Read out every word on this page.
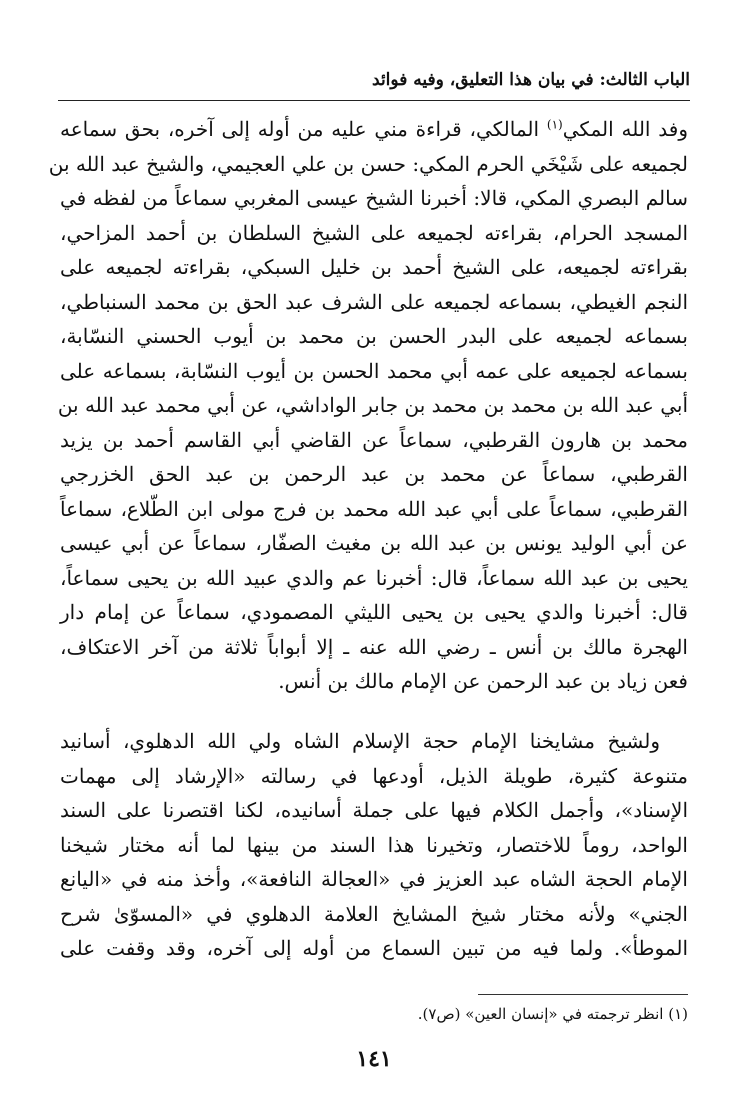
الباب الثالث: في بيان هذا التعليق، وفيه فوائد
وفد الله المكي$^{(١)}$ المالكي، قراءة مني عليه من أوله إلى آخره، بحق سماعه
لجميعه على شَيْخَي الحرم المكي: حسن بن علي العجيمي، والشيخ عبد الله بن
سالم البصري المكي، قالا: أخبرنا الشيخ عيسى المغربي سماعاً من لفظه في
المسجد الحرام، بقراءته لجميعه على الشيخ السلطان بن أحمد المزاحي،
بقراءته لجميعه، على الشيخ أحمد بن خليل السبكي، بقراءته لجميعه على
النجم الغيطي، بسماعه لجميعه على الشرف عبد الحق بن محمد السنباطي،
بسماعه لجميعه على البدر الحسن بن محمد بن أيوب الحسني النسّابة،
بسماعه لجميعه على عمه أبي محمد الحسن بن أيوب النسّابة، بسماعه على
أبي عبد الله بن محمد بن محمد بن جابر الواداشي، عن أبي محمد عبد الله بن
محمد بن هارون القرطبي، سماعاً عن القاضي أبي القاسم أحمد بن يزيد
القرطبي، سماعاً عن محمد بن عبد الرحمن بن عبد الحق الخزرجي
القرطبي، سماعاً على أبي عبد الله محمد بن فرج مولى ابن الطّلاع، سماعاً
عن أبي الوليد يونس بن عبد الله بن مغيث الصفّار، سماعاً عن أبي عيسى
يحيى بن عبد الله سماعاً، قال: أخبرنا عم والدي عبيد الله بن يحيى سماعاً،
قال: أخبرنا والدي يحيى بن يحيى الليثي المصمودي، سماعاً عن إمام دار
الهجرة مالك بن أنس ـ رضي الله عنه ـ إلا أبواباً ثلاثة من آخر الاعتكاف،
فعن زياد بن عبد الرحمن عن الإمام مالك بن أنس.
ولشيخ مشايخنا الإمام حجة الإسلام الشاه ولي الله الدهلوي، أسانيد
متنوعة كثيرة، طويلة الذيل، أودعها في رسالته «الإرشاد إلى مهمات
الإسناد»، وأجمل الكلام فيها على جملة أسانيده، لكنا اقتصرنا على السند
الواحد، روماً للاختصار، وتخيرنا هذا السند من بينها لما أنه مختار شيخنا
الإمام الحجة الشاه عبد العزيز في «العجالة النافعة»، وأخذ منه في «اليانع
الجني» ولأنه مختار شيخ المشايخ العلامة الدهلوي في «المسوّىٰ شرح
الموطأ». ولما فيه من تبين السماع من أوله إلى آخره، وقد وقفت على
(١) انظر ترجمته في «إنسان العين» (ص٧).
١٤١
